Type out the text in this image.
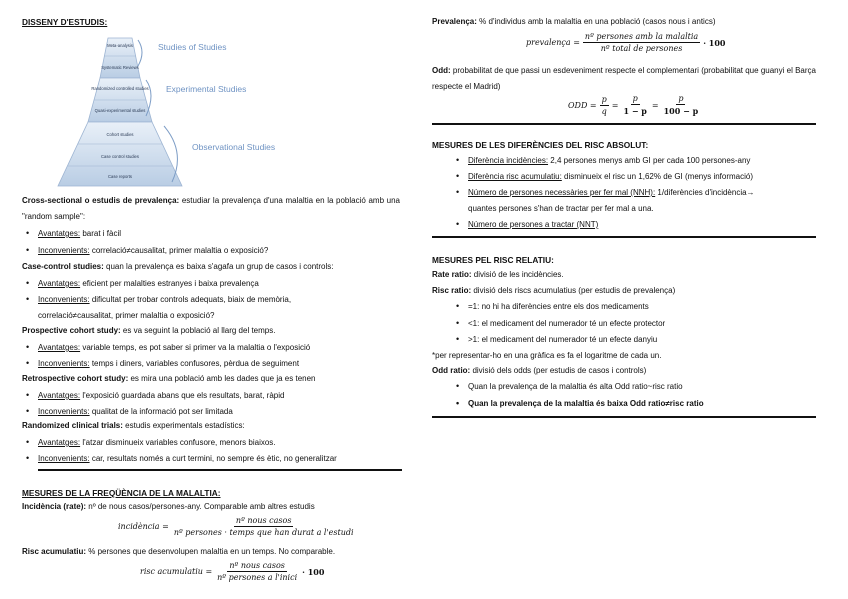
DISSENY D'ESTUDIS:
Meta-analysis
Systematic Reviews
Randomized controlled studies
Quasi-experimental studies
Cohort studies
Case control studies
Case reports
Studies of Studies
Experimental Studies
Observational Studies
Cross-sectional o estudis de prevalença: estudiar la prevalença d'una malaltia en la població amb una "random sample":
• Avantatges: barat i fàcil
• Inconvenients: correlació≠causalitat, primer malaltia o exposició?
Case-control studies: quan la prevalença es baixa s'agafa un grup de casos i controls:
• Avantatges: eficient per malalties estranyes i baixa prevalença
• Inconvenients: dificultat per trobar controls adequats, biaix de memòria,
correlació≠causalitat, primer malaltia o exposició?
Prospective cohort study: es va seguint la població al llarg del temps.
• Avantatges: variable temps, es pot saber si primer va la malaltia o l'exposició
• Inconvenients: temps i diners, variables confusores, pèrdua de seguiment
Retrospective cohort study: es mira una població amb les dades que ja es tenen
• Avantatges: l'exposició guardada abans que els resultats, barat, ràpid
• Inconvenients: qualitat de la informació pot ser limitada
Randomized clinical trials: estudis experimentals estadístics:
• Avantatges: l'atzar disminueix variables confusore, menors biaixos.
• Inconvenients: car, resultats només a curt termini, no sempre és ètic, no generalitzar
MESURES DE LA FREQÜÈNCIA DE LA MALALTIA:
Incidència (rate): nº de nous casos/persones-any. Comparable amb altres estudis
incidència = $\frac{\text{nº nous casos}}{\text{nº persones · temps que han durat a l'estudi}}$
Risc acumulatiu: % persones que desenvolupen malaltia en un temps. No comparable.
risc acumulatiu = $\frac{\text{nº nous casos}}{\text{nº persones a l'inici}} \cdot 100$
Prevalença: % d'individus amb la malaltia en una població (casos nous i antics)
prevalença = $\frac{\text{nº persones amb la malaltia}}{\text{nº total de persones}} \cdot 100$
Odd: probabilitat de que passi un esdeveniment respecte el complementari (probabilitat que guanyi el Barça respecte el Madrid)
ODD = $\frac{p}{q} = \frac{p}{1 - p} = \frac{p}{100 - p}$
MESURES DE LES DIFERÈNCIES DEL RISC ABSOLUT:
• Diferència incidències: 2,4 persones menys amb GI per cada 100 persones-any
• Diferència risc acumulatiu: disminueix el risc un 1,62% de GI (menys informació)
• Número de persones necessàries per fer mal (NNH): 1/diferències d'incidència→
quantes persones s'han de tractar per fer mal a una.
• Número de persones a tractar (NNT)
MESURES PEL RISC RELATIU:
Rate ratio: divisió de les incidències.
Risc ratio: divisió dels riscs acumulatius (per estudis de prevalença)
• =1: no hi ha diferències entre els dos medicaments
• <1: el medicament del numerador té un efecte protector
• >1: el medicament del numerador té un efecte danyiu
*per representar-ho en una gràfica es fa el logaritme de cada un.
Odd ratio: divisió dels odds (per estudis de casos i controls)
• Quan la prevalença de la malaltia és alta Odd ratio~risc ratio
• Quan la prevalença de la malaltia és baixa Odd ratio≠risc ratio
